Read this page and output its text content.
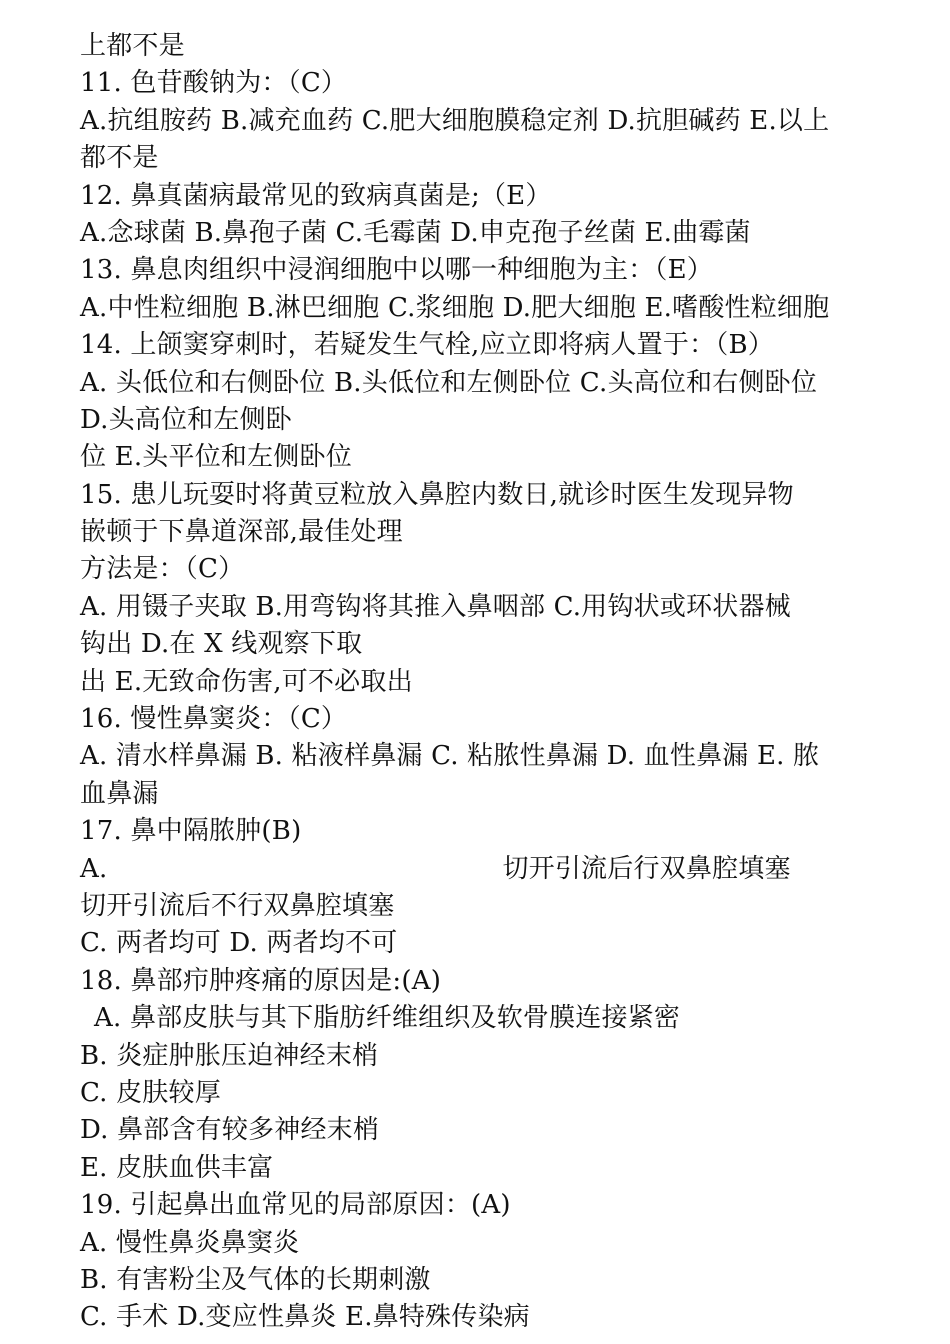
上都不是
11. 色苷酸钠为：（C）
A.抗组胺药 B.减充血药 C.肥大细胞膜稳定剂 D.抗胆碱药 E.以上
都不是
12. 鼻真菌病最常见的致病真菌是;（E）
A.念球菌 B.鼻孢子菌 C.毛霉菌 D.申克孢子丝菌 E.曲霉菌
13. 鼻息肉组织中浸润细胞中以哪一种细胞为主：（E）
A.中性粒细胞 B.淋巴细胞 C.浆细胞 D.肥大细胞 E.嗜酸性粒细胞
14. 上颌窦穿刺时，若疑发生气栓,应立即将病人置于：（B）
A. 头低位和右侧卧位 B.头低位和左侧卧位 C.头高位和右侧卧位
D.头高位和左侧卧
位 E.头平位和左侧卧位
15. 患儿玩耍时将黄豆粒放入鼻腔内数日,就诊时医生发现异物
嵌顿于下鼻道深部,最佳处理
方法是：（C）
A. 用镊子夹取 B.用弯钩将其推入鼻咽部 C.用钩状或环状器械
钩出 D.在 X 线观察下取
出 E.无致命伤害,可不必取出
16. 慢性鼻窦炎：（C）
A. 清水样鼻漏 B. 粘液样鼻漏 C. 粘脓性鼻漏 D. 血性鼻漏 E. 脓
血鼻漏
17. 鼻中隔脓肿(B)
A.	切开引流后行双鼻腔填塞
切开引流后不行双鼻腔填塞
C. 两者均可 D. 两者均不可
18. 鼻部疖肿疼痛的原因是:(A)
A. 鼻部皮肤与其下脂肪纤维组织及软骨膜连接紧密
B. 炎症肿胀压迫神经末梢
C. 皮肤较厚
D. 鼻部含有较多神经末梢
E. 皮肤血供丰富
19. 引起鼻出血常见的局部原因：(A)
A. 慢性鼻炎鼻窦炎
B. 有害粉尘及气体的长期刺激
C. 手术 D.变应性鼻炎 E.鼻特殊传染病
